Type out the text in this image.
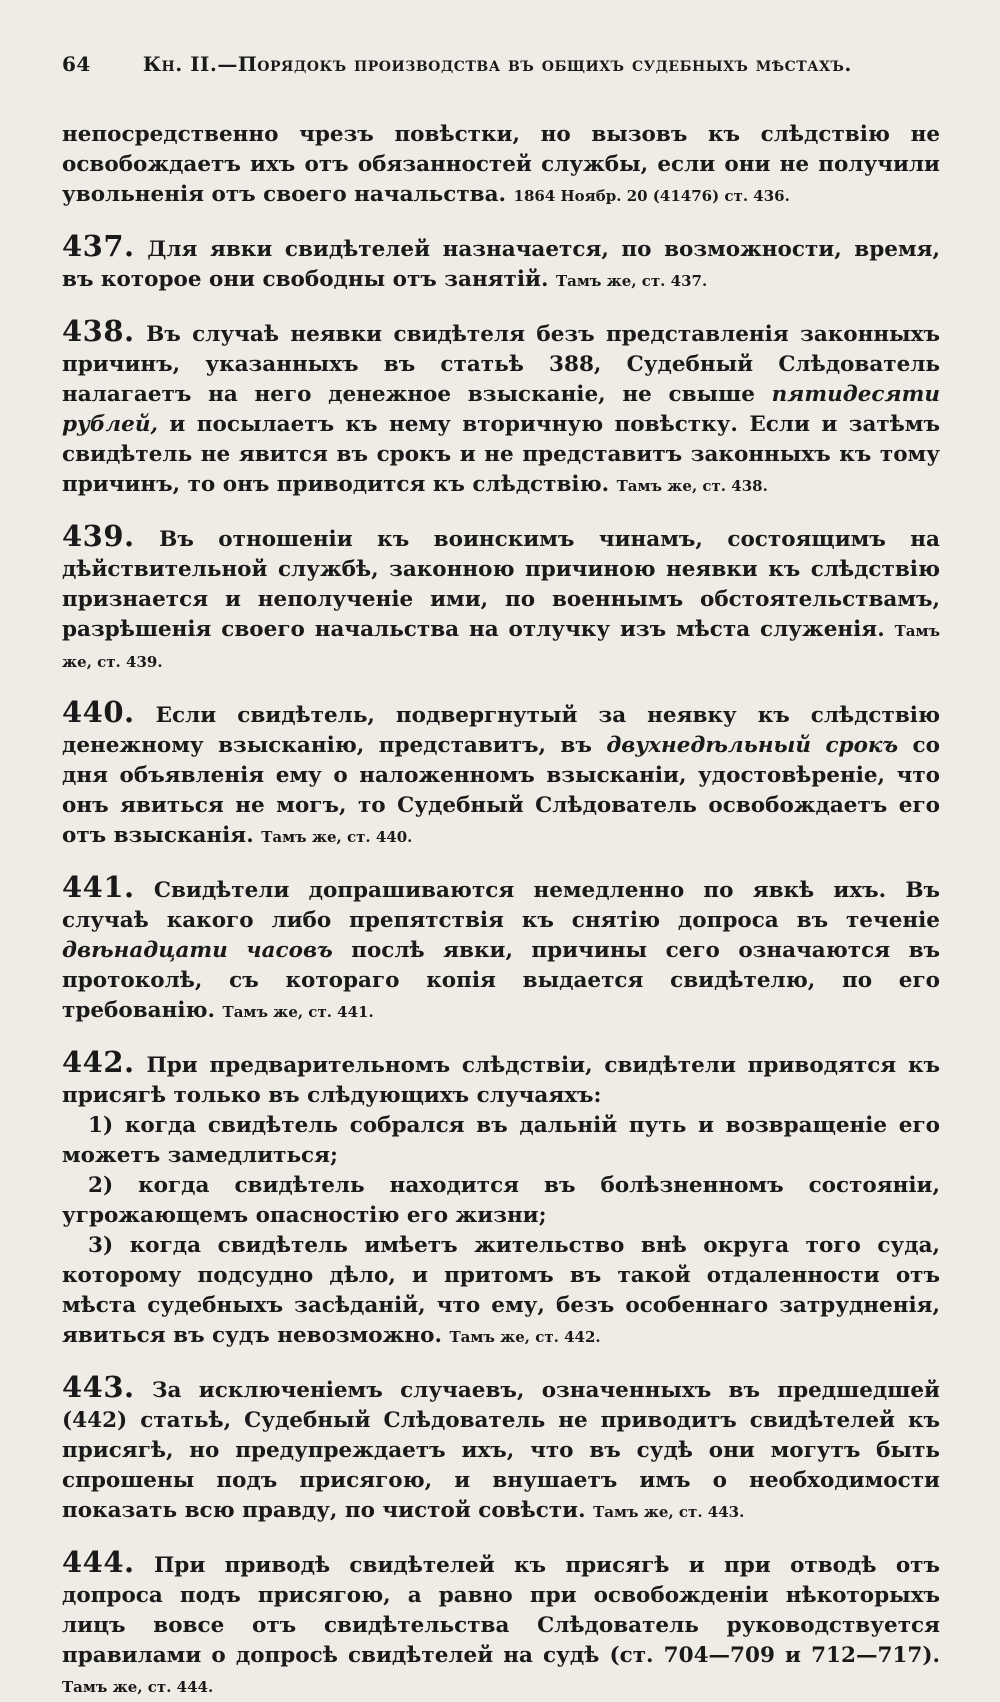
64	Кн. II.—Порядокъ производства въ общихъ судебныхъ мѣстахъ.

непосредственно чрезъ повѣстки, но вызовъ къ слѣдствію не освобождаетъ ихъ отъ обязанностей службы, если они не получили увольненія отъ своего начальства. 1864 Ноябр. 20 (41476) ст. 436.

437. Для явки свидѣтелей назначается, по возможности, время, въ которое они свободны отъ занятій. Тамъ же, ст. 437.

438. Въ случаѣ неявки свидѣтеля безъ представленія законныхъ причинъ, указанныхъ въ статьѣ 388, Судебный Слѣдователь налагаетъ на него денежное взысканіе, не свыше пятидесяти рублей, и посылаетъ къ нему вторичную повѣстку. Если и затѣмъ свидѣтель не явится въ срокъ и не представитъ законныхъ къ тому причинъ, то онъ приводится къ слѣдствію. Тамъ же, ст. 438.

439. Въ отношеніи къ воинскимъ чинамъ, состоящимъ на дѣйствительной службѣ, законною причиною неявки къ слѣдствію признается и неполученіе ими, по военнымъ обстоятельствамъ, разрѣшенія своего начальства на отлучку изъ мѣста служенія. Тамъ же, ст. 439.

440. Если свидѣтель, подвергнутый за неявку къ слѣдствію денежному взысканію, представитъ, въ двухнедѣльный срокъ со дня объявленія ему о наложенномъ взысканіи, удостовѣреніе, что онъ явиться не могъ, то Судебный Слѣдователь освобождаетъ его отъ взысканія. Тамъ же, ст. 440.

441. Свидѣтели допрашиваются немедленно по явкѣ ихъ. Въ случаѣ какого либо препятствія къ снятію допроса въ теченіе двѣнадцати часовъ послѣ явки, причины сего означаются въ протоколѣ, съ котораго копія выдается свидѣтелю, по его требованію. Тамъ же, ст. 441.

442. При предварительномъ слѣдствіи, свидѣтели приводятся къ присягѣ только въ слѣдующихъ случаяхъ:

1) когда свидѣтель собрался въ дальній путь и возвращеніе его можетъ замедлиться;

2) когда свидѣтель находится въ болѣзненномъ состояніи, угрожающемъ опасностію его жизни;

3) когда свидѣтель имѣетъ жительство внѣ округа того суда, которому подсудно дѣло, и притомъ въ такой отдаленности отъ мѣста судебныхъ засѣданій, что ему, безъ особеннаго затрудненія, явиться въ судъ невозможно. Тамъ же, ст. 442.

443. За исключеніемъ случаевъ, означенныхъ въ предшедшей (442) статьѣ, Судебный Слѣдователь не приводитъ свидѣтелей къ присягѣ, но предупреждаетъ ихъ, что въ судѣ они могутъ быть спрошены подъ присягою, и внушаетъ имъ о необходимости показать всю правду, по чистой совѣсти. Тамъ же, ст. 443.

444. При приводѣ свидѣтелей къ присягѣ и при отводѣ отъ допроса подъ присягою, а равно при освобожденіи нѣкоторыхъ лицъ вовсе отъ свидѣтельства Слѣдователь руководствуется правилами о допросѣ свидѣтелей на судѣ (ст. 704—709 и 712—717). Тамъ же, ст. 444.
